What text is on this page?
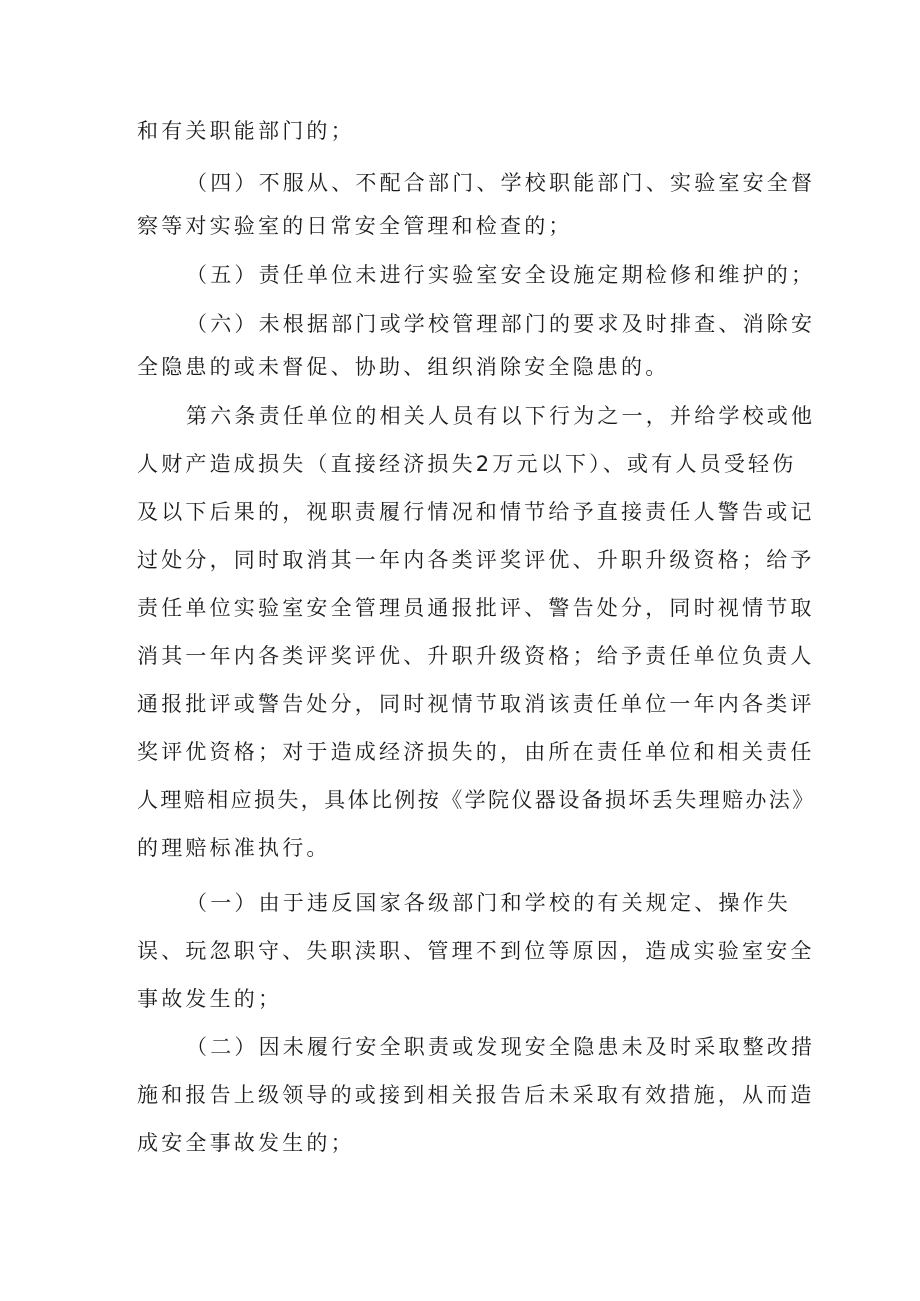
和有关职能部门的；

（四）不服从、不配合部门、学校职能部门、实验室安全督

察等对实验室的日常安全管理和检查的；

（五）责任单位未进行实验室安全设施定期检修和维护的；

（六）未根据部门或学校管理部门的要求及时排查、消除安

全隐患的或未督促、协助、组织消除安全隐患的。

第六条责任单位的相关人员有以下行为之一，并给学校或他

人财产造成损失（直接经济损失2万元以下）、或有人员受轻伤

及以下后果的，视职责履行情况和情节给予直接责任人警告或记

过处分，同时取消其一年内各类评奖评优、升职升级资格；给予

责任单位实验室安全管理员通报批评、警告处分，同时视情节取

消其一年内各类评奖评优、升职升级资格；给予责任单位负责人

通报批评或警告处分，同时视情节取消该责任单位一年内各类评

奖评优资格；对于造成经济损失的，由所在责任单位和相关责任

人理赔相应损失，具体比例按《学院仪器设备损坏丢失理赔办法》

的理赔标准执行。

（一）由于违反国家各级部门和学校的有关规定、操作失

误、玩忽职守、失职渎职、管理不到位等原因，造成实验室安全

事故发生的；

（二）因未履行安全职责或发现安全隐患未及时采取整改措

施和报告上级领导的或接到相关报告后未采取有效措施，从而造

成安全事故发生的；
